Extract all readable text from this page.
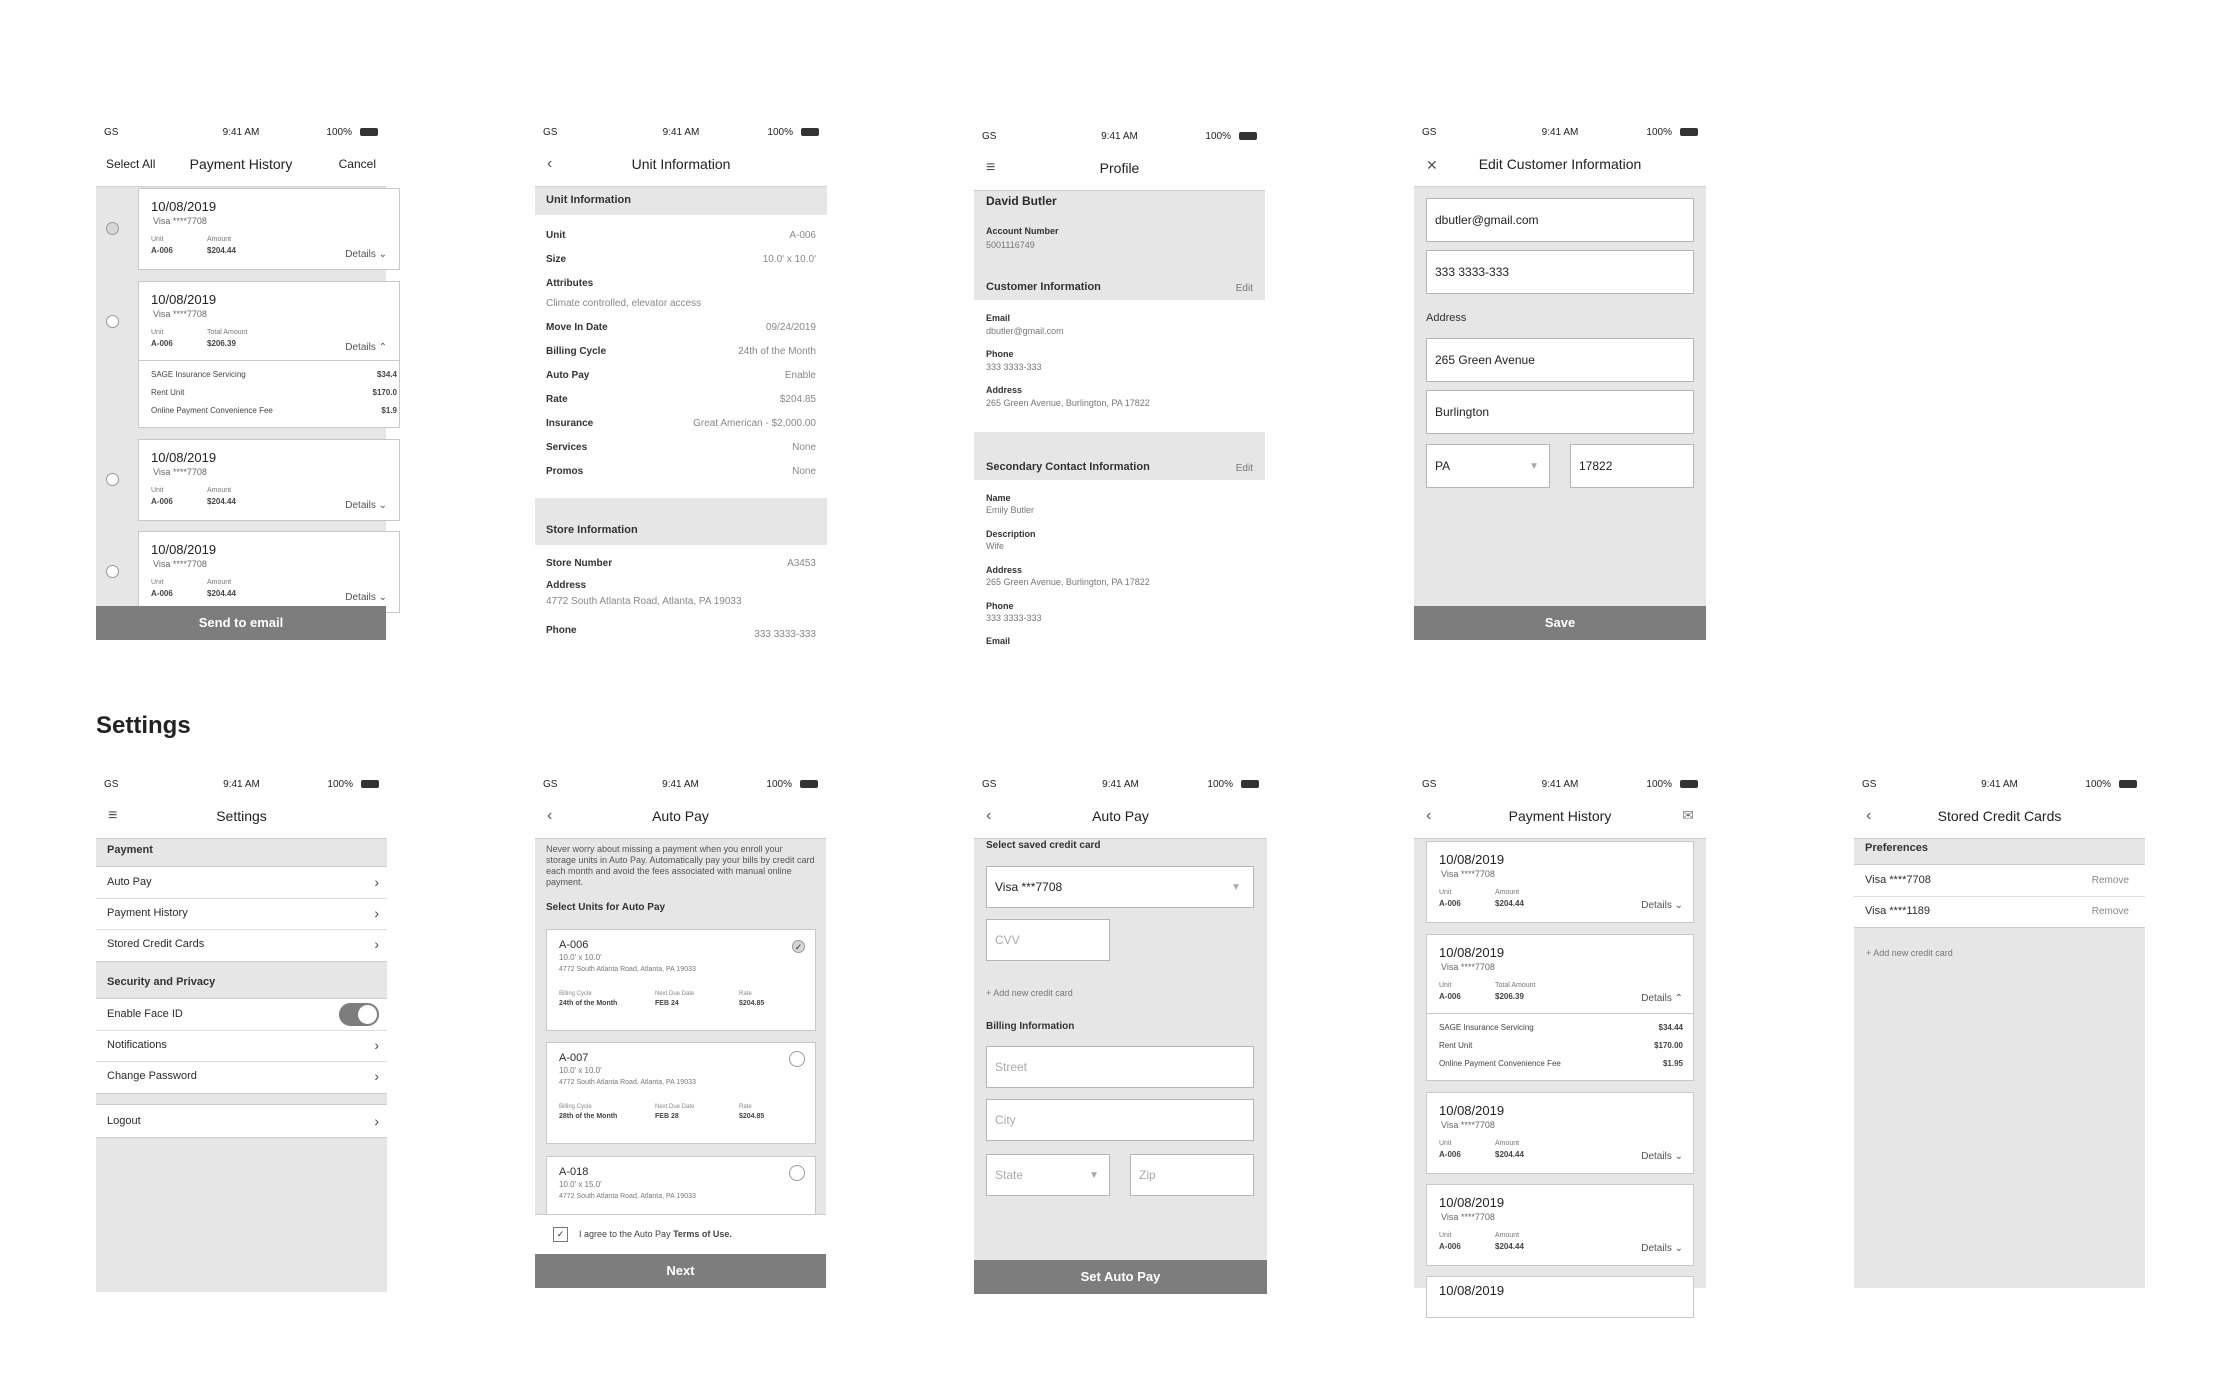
GS	9:41 AM	100%
Select All	Payment History	Cancel
10/08/2019
Visa ****7708
Unit
A-006
Amount
$204.44	Details ⌄
10/08/2019
Visa ****7708
Unit
A-006
Total Amount
$206.39	Details ⌃
SAGE Insurance Servicing	$34.4
Rent Unit	$170.0
Online Payment Convenience Fee	$1.9
10/08/2019
Visa ****7708
Unit
A-006
Amount
$204.44	Details ⌄
10/08/2019
Visa ****7708
Unit
A-006
Amount
$204.44	Details ⌄
Send to email
GS	9:41 AM	100%
‹	Unit Information
Unit Information
Unit	A-006
Size	10.0' x 10.0'
Attributes
Climate controlled, elevator access
Move In Date	09/24/2019
Billing Cycle	24th of the Month
Auto Pay	Enable
Rate	$204.85
Insurance	Great American - $2,000.00
Services	None
Promos	None
Store Information
Store Number	A3453
Address
4772 South Atlanta Road, Atlanta, PA 19033
Phone	333 3333-333
GS	9:41 AM	100%
≡	Profile
David Butler
Account Number
5001116749
Customer Information	Edit
Email
dbutler@gmail.com
Phone
333 3333-333
Address
265 Green Avenue, Burlington, PA 17822
Secondary Contact Information	Edit
Name
Emily Butler
Description
Wife
Address
265 Green Avenue, Burlington, PA 17822
Phone
333 3333-333
Email
GS	9:41 AM	100%
✕	Edit Customer Information
dbutler@gmail.com
333 3333-333
Address
265 Green Avenue
Burlington
PA	▼	17822
Save
Settings
GS	9:41 AM	100%
≡	Settings
Payment
Auto Pay	›
Payment History	›
Stored Credit Cards	›
Security and Privacy
Enable Face ID
Notifications	›
Change Password	›
Logout	›
GS	9:41 AM	100%
‹	Auto Pay
Never worry about missing a payment when you enroll your storage units in Auto Pay. Automatically pay your bills by credit card each month and avoid the fees associated with manual online payment.
Select Units for Auto Pay
A-006
10.0' x 10.0'
4772 South Atlanta Road, Atlanta, PA 19033
Billing Cycle
24th of the Month
Next Due Date
FEB 24
Rate
$204.85
✓
A-007
10.0' x 10.0'
4772 South Atlanta Road, Atlanta, PA 19033
Billing Cycle
28th of the Month
Next Due Date
FEB 28
Rate
$204.85
A-018
10.0' x 15.0'
4772 South Atlanta Road, Atlanta, PA 19033
✓	I agree to the Auto Pay Terms of Use.
Next
GS	9:41 AM	100%
‹	Auto Pay
Select saved credit card
Visa ***7708	▼
CVV
+ Add new credit card
Billing Information
Street
City
State	▼	Zip
Set Auto Pay
GS	9:41 AM	100%
‹	Payment History	✉
10/08/2019
Visa ****7708
Unit
A-006
Amount
$204.44	Details ⌄
10/08/2019
Visa ****7708
Unit
A-006
Total Amount
$206.39	Details ⌃
SAGE Insurance Servicing	$34.44
Rent Unit	$170.00
Online Payment Convenience Fee	$1.95
10/08/2019
Visa ****7708
Unit
A-006
Amount
$204.44	Details ⌄
10/08/2019
Visa ****7708
Unit
A-006
Amount
$204.44	Details ⌄
10/08/2019
GS	9:41 AM	100%
‹	Stored Credit Cards
Preferences
Visa ****7708	Remove
Visa ****1189	Remove
+ Add new credit card
